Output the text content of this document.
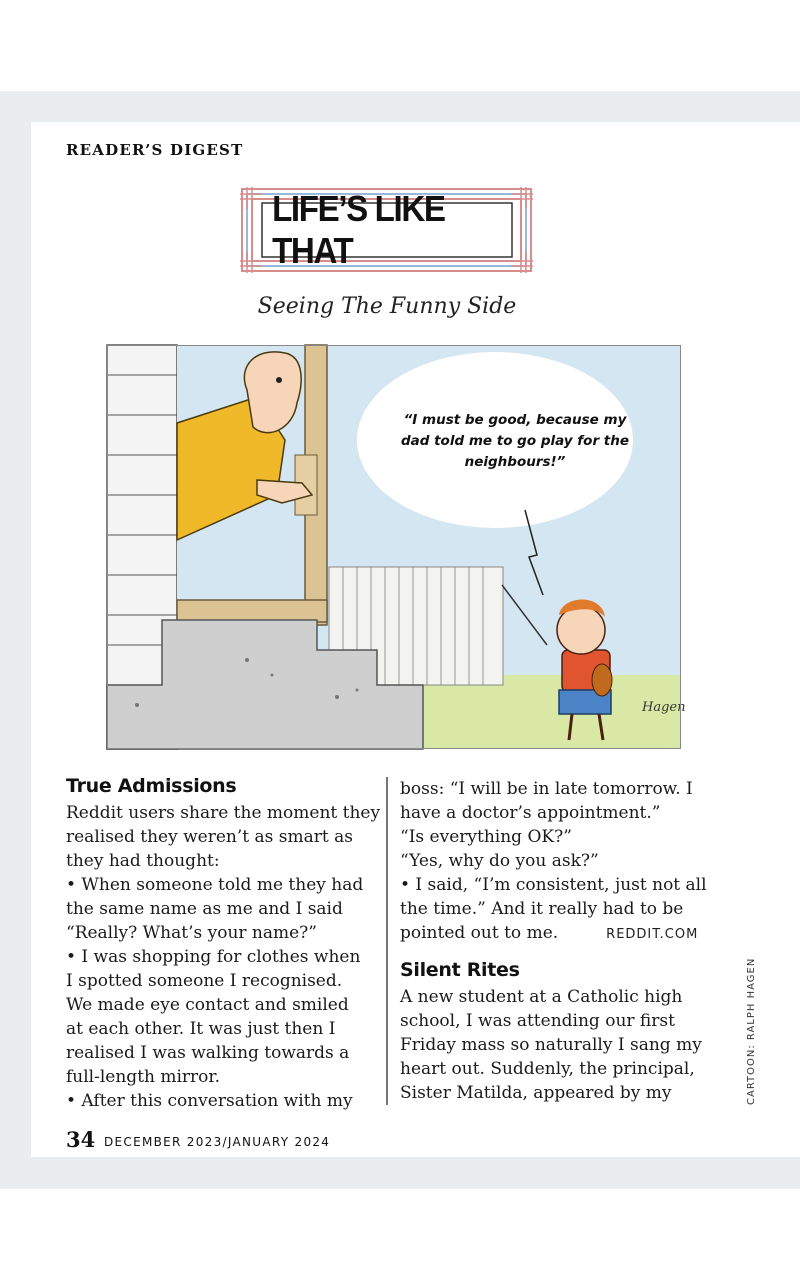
READER’S DIGEST
LIFE’S LIKE THAT
Seeing The Funny Side
Hagen
“I must be good, because my dad told me to go play for the neighbours!”
True Admissions

Reddit users share the moment they

realised they weren’t as smart as

they had thought:

• When someone told me they had

the same name as me and I said

“Really? What’s your name?”

• I was shopping for clothes when

I spotted someone I recognised.

We made eye contact and smiled

at each other. It was just then I

realised I was walking towards a

full-length mirror.

• After this conversation with my

boss: “I will be in late tomorrow. I

have a doctor’s appointment.”

“Is everything OK?”

“Yes, why do you ask?”

• I said, “I’m consistent, just not all

the time.” And it really had to be

pointed out to me.	REDDIT.COM

Silent Rites

A new student at a Catholic high

school, I was attending our first

Friday mass so naturally I sang my

heart out. Suddenly, the principal,

Sister Matilda, appeared by my	CARTOON: RALPH HAGEN
34 DECEMBER 2023/JANUARY 2024
